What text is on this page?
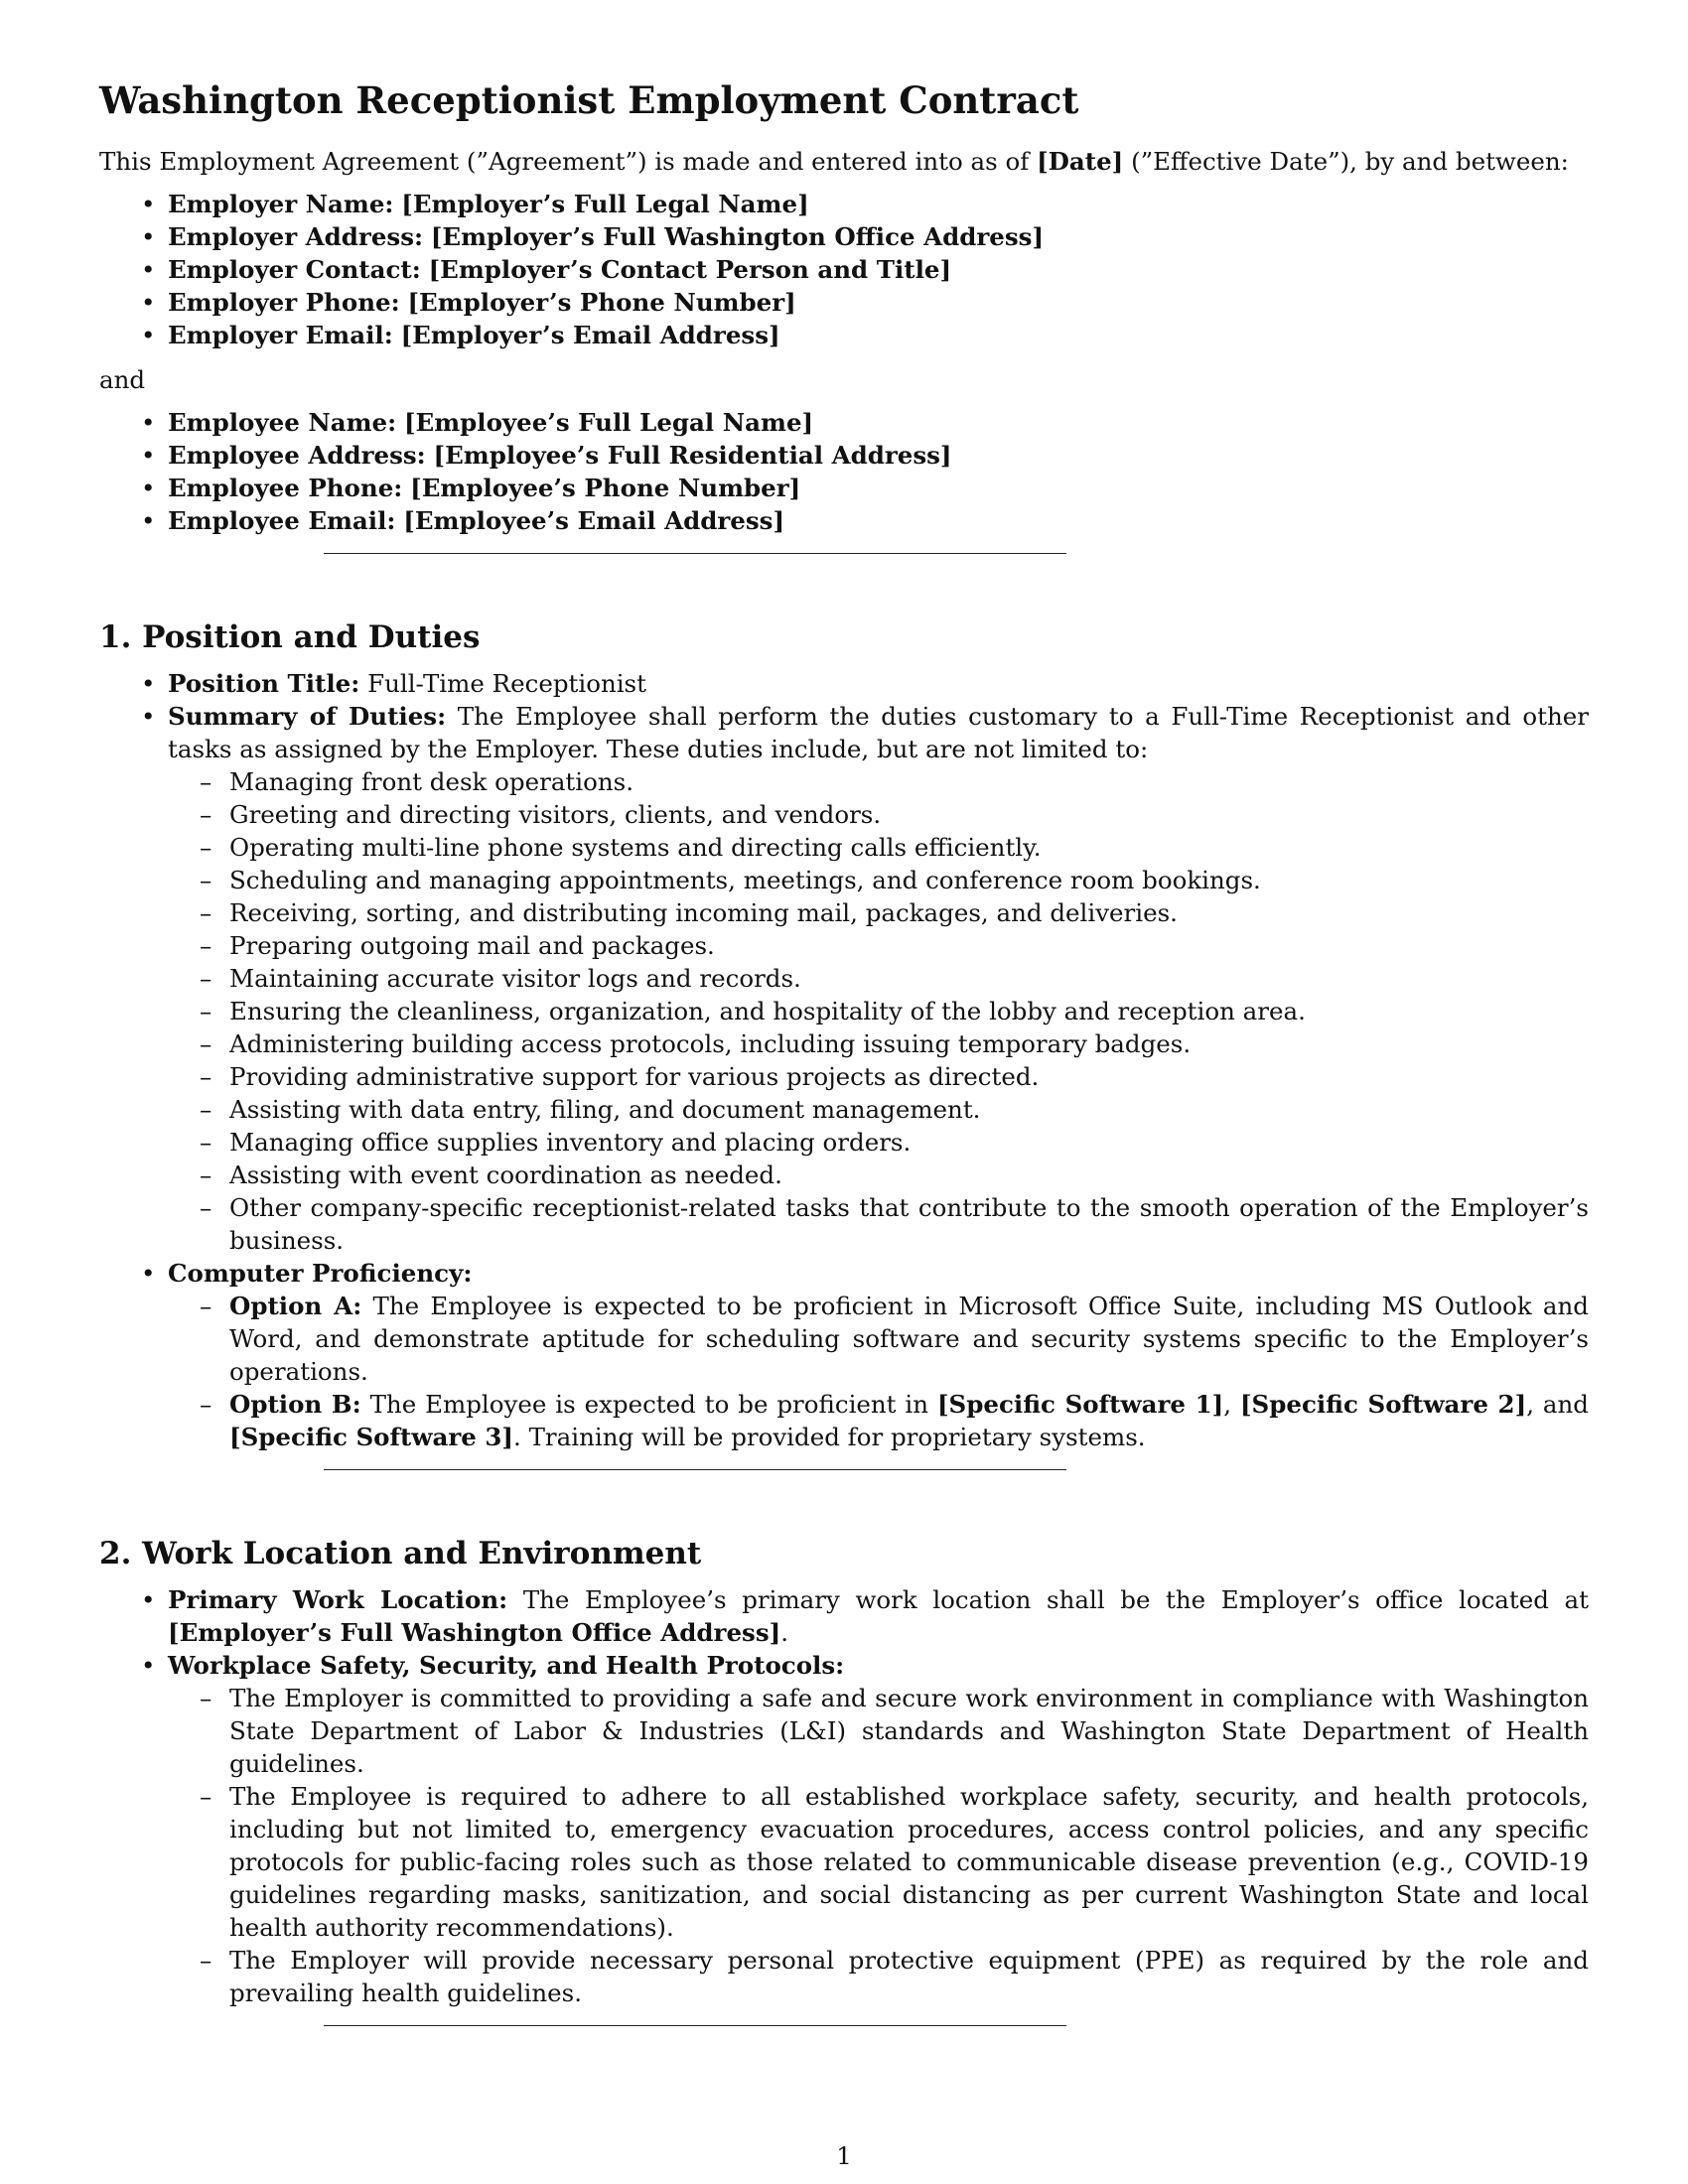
Washington Receptionist Employment Contract

This Employment Agreement (”Agreement”) is made and entered into as of [Date] (”Effective Date”), by and between:

• Employer Name: [Employer’s Full Legal Name]
• Employer Address: [Employer’s Full Washington Office Address]
• Employer Contact: [Employer’s Contact Person and Title]
• Employer Phone: [Employer’s Phone Number]
• Employer Email: [Employer’s Email Address]

and

• Employee Name: [Employee’s Full Legal Name]
• Employee Address: [Employee’s Full Residential Address]
• Employee Phone: [Employee’s Phone Number]
• Employee Email: [Employee’s Email Address]
1. Position and Duties
• Position Title: Full-Time Receptionist
• Summary of Duties: The Employee shall perform the duties customary to a Full-Time Receptionist and other tasks as assigned by the Employer. These duties include, but are not limited to:
– Managing front desk operations.
– Greeting and directing visitors, clients, and vendors.
– Operating multi-line phone systems and directing calls efficiently.
– Scheduling and managing appointments, meetings, and conference room bookings.
– Receiving, sorting, and distributing incoming mail, packages, and deliveries.
– Preparing outgoing mail and packages.
– Maintaining accurate visitor logs and records.
– Ensuring the cleanliness, organization, and hospitality of the lobby and reception area.
– Administering building access protocols, including issuing temporary badges.
– Providing administrative support for various projects as directed.
– Assisting with data entry, filing, and document management.
– Managing office supplies inventory and placing orders.
– Assisting with event coordination as needed.
– Other company-specific receptionist-related tasks that contribute to the smooth operation of the Employer’s business.
• Computer Proficiency:
– Option A: The Employee is expected to be proficient in Microsoft Office Suite, including MS Outlook and Word, and demonstrate aptitude for scheduling software and security systems specific to the Employer’s operations.
– Option B: The Employee is expected to be proficient in [Specific Software 1], [Specific Software 2], and [Specific Software 3]. Training will be provided for proprietary systems.
2. Work Location and Environment
• Primary Work Location: The Employee’s primary work location shall be the Employer’s office located at [Employer’s Full Washington Office Address].
• Workplace Safety, Security, and Health Protocols:
– The Employer is committed to providing a safe and secure work environment in compliance with Washington State Department of Labor & Industries (L&I) standards and Washington State Department of Health guidelines.
– The Employee is required to adhere to all established workplace safety, security, and health protocols, including but not limited to, emergency evacuation procedures, access control policies, and any specific protocols for public-facing roles such as those related to communicable disease prevention (e.g., COVID-19 guidelines regarding masks, sanitization, and social distancing as per current Washington State and local health authority recommendations).
– The Employer will provide necessary personal protective equipment (PPE) as required by the role and prevailing health guidelines.
1
